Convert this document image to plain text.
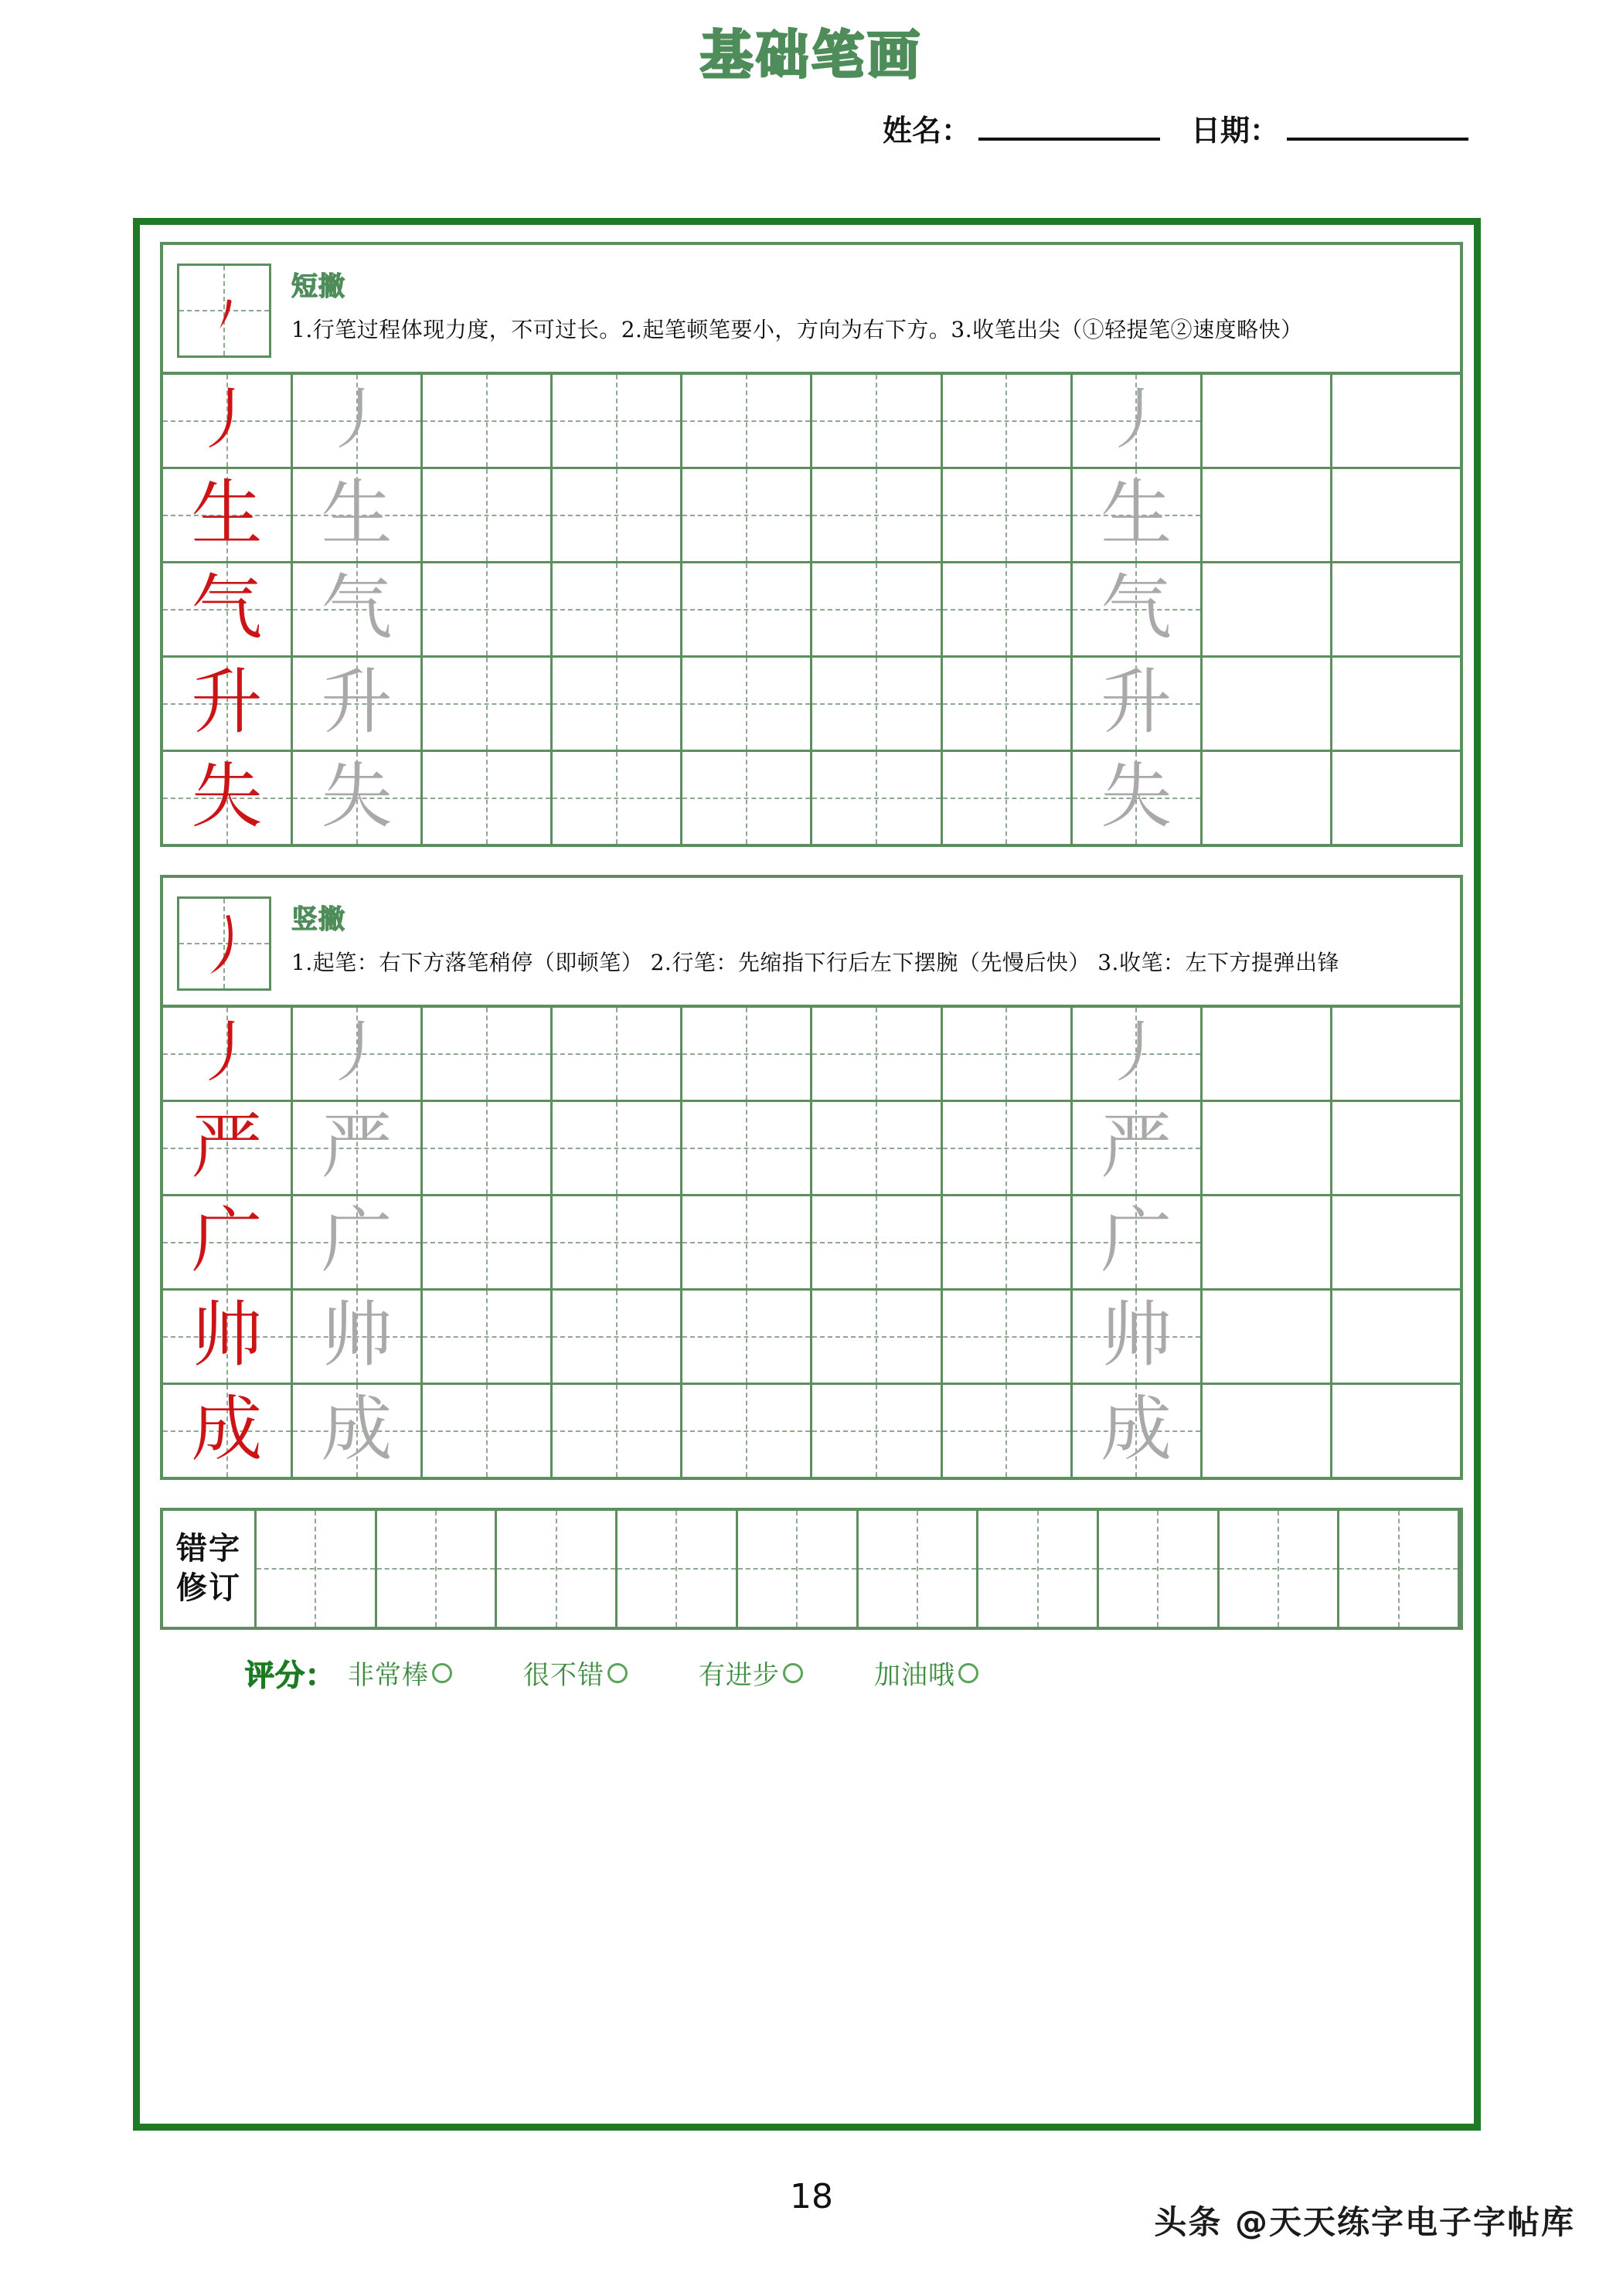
基础笔画
姓名：	日期：
短撇
1.行笔过程体现力度，不可过长。2.起笔顿笔要小，方向为右下方。3.收笔出尖（①轻提笔②速度略快）
丿 丿	丿
生 生	生
气 气	气
升 升	升
失 失	失
竖撇
1.起笔：右下方落笔稍停（即顿笔） 2.行笔：先缩指下行后左下摆腕（先慢后快） 3.收笔：左下方提弹出锋
丿 丿	丿
严 严	严
广 广	广
帅 帅	帅
成 成	成
错字
修订
评分： 非常棒	很不错	有进步	加油哦
18
头条 @天天练字电子字帖库
